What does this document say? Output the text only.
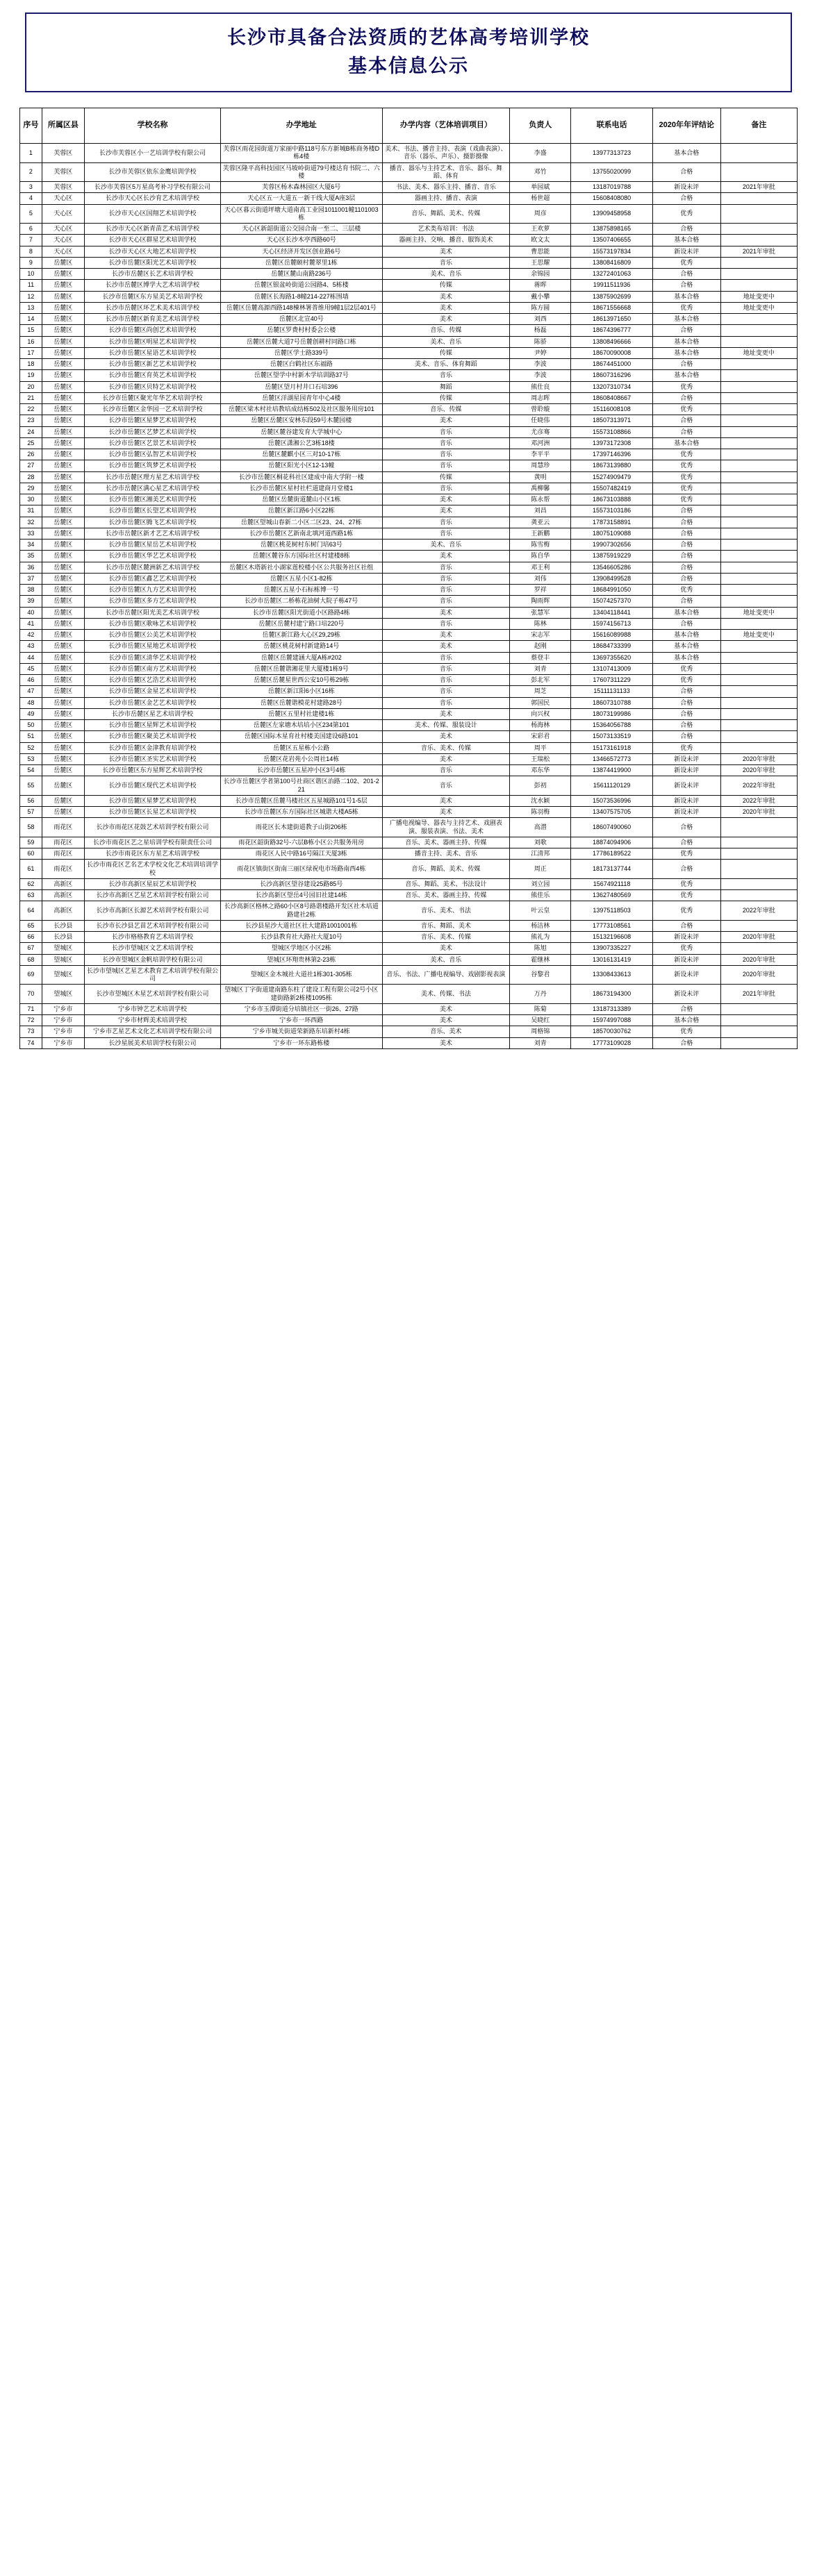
长沙市具备合法资质的艺体高考培训学校
基本信息公示
序号	所属区县	学校名称	办学地址	办学内容（艺体培训项目）	负责人	联系电话	2020年年评结论	备注
1	芙蓉区	长沙市芙蓉区小一艺培训学校有限公司	芙蓉区雨花园街道万家丽中路118号东方新城B栋商务楼D栋4楼	美术、书法、播音主持、表演（戏曲表演）、音乐（器乐、声乐）、摄影摄像	李盛	13977313723	基本合格	
2	芙蓉区	长沙市芙蓉区依东金鹰培训学校	芙蓉区隆平高科技园区马坡岭街道79号楼达育书院二、六楼	播音、器乐与主持艺术、音乐、器乐、舞蹈、体育	邓竹	13755020099	合格	
3	芙蓉区	长沙市芙蓉区5万星高考补习学校有限公司	芙蓉区杨木森林园区大厦6号	书法、美术、器乐主持、播音、音乐	单园斌	13187019788	新设未评	2021年审批
4	天心区	长沙市天心区长沙育艺术培训学校	天心区五一大道五一新干线大厦A座3层	器画主持、播音、表演	杨世超	15608408080	合格	
5	天心区	长沙市天心区国翔艺术培训学校	天心区暮云街道坪塘大道南高工业园1011001幢1101003栋	音乐、舞蹈、美术、传媒	周彦	13909458958	优秀	
6	天心区	长沙市天心区新青苗艺术培训学校	天心区新韶街道公交园合南一至二、三层楼	艺术类布培训：书法	王欢萝	13875898165	合格	
7	天心区	长沙市天心区群星艺术培训学校	天心区长沙木亭西路60号	器画主持、交响、播音、服饰美术	欧文太	13507406655	基本合格	
8	天心区	长沙市天心区大地艺术培训学校	天心区经济开发区创业路6号	美术	曹思能	15573197834	新设未评	2021年审批
9	岳麓区	长沙市岳麓区阳光艺术培训学校	岳麓区岳麓颐村麓翠里1栋	音乐	王思耀	13808416809	优秀	
10	岳麓区	长沙市岳麓区长艺术培训学校	岳麓区麓山南路236号	美术、音乐	余锦园	13272401063	合格	
11	岳麓区	长沙市岳麓区博学大艺术培训学校	岳麓区银盆岭街道公园路4、5栋楼	传媒	蒋晖	19911511936	合格	
12	岳麓区	长沙市岳麓区东方星美艺术培训学校	岳麓区长海路1-8幢214-227栋围墙	美术	戴小攀	13875902699	基本合格	地址变更中
13	岳麓区	长沙市岳麓区环艺术美术培训学校	岳麓区岳麓高源西路148棟林署普维用9幢1层2层401号	美术	陈方圆	18671556668	优秀	地址变更中
14	岳麓区	长沙市岳麓区新育美艺术培训学校	岳麓区北宣40号	美术	刘西	18613971650	基本合格	
15	岳麓区	长沙市岳麓区尚创艺术培训学校	岳麓区罗费村村委会公楼	音乐、传媒	杨磊	18674396777	合格	
16	岳麓区	长沙市岳麓区明星艺术培训学校	岳麓区岳麓大道7号岳麓创耕村同路口栋	美术、音乐	陈骄	13808496666	基本合格	
17	岳麓区	长沙市岳麓区星语艺术培训学校	岳麓区学士路339号	传媒	尹婷	18670090008	基本合格	地址变更中
18	岳麓区	长沙市岳麓区新艺艺术培训学校	岳麓区白鹤社区东福路	美术、音乐、体育舞蹈	李波	18674451000	合格	
19	岳麓区	长沙市岳麓区育英艺术培训学校	岳麓区望学中村新木学培训路37号	音乐	李波	18607316296	基本合格	
20	岳麓区	长沙市岳麓区贝特艺术培训学校	岳麓区望月村井口石培396	舞蹈	熊仕良	13207310734	优秀	
21	岳麓区	长沙市岳麓区聚光年华艺术培训学校	岳麓区洋湖星园青年中心4楼	传媒	周志晖	18608408667	合格	
22	岳麓区	长沙市岳麓区金华园一艺术培训学校	岳麓区梁木村社培教培成结栋502及社区服务用房101	音乐、传媒	曾聆璇	15116008108	优秀	
23	岳麓区	长沙市岳麓区星梦艺术培训学校	岳麓区岳麓区安林东段59号木麓园楼	美术	任晓伟	18507313971	合格	
24	岳麓区	长沙市岳麓区艺梦艺术培训学校	岳麓区麓谷建发育大学城中心	音乐	尤彦骞	15573108866	合格	
25	岳麓区	长沙市岳麓区艺景艺术培训学校	岳麓区潇湘公艺3栋18楼	音乐	邓河洲	13973172308	基本合格	
26	岳麓区	长沙市岳麓区弘智艺术培训学校	岳麓区麓麒小区三对10-17栋	音乐	李平平	17397146396	优秀	
27	岳麓区	长沙市岳麓区筑梦艺术培训学校	岳麓区阳光小区12-13幢	音乐	周慧珍	18673139880	优秀	
28	岳麓区	长沙市岳麓区理方星艺术培训学校	长沙市岳麓区桐花科社区建成中南大学附一楼	传媒	黄明	15274909479	优秀	
29	岳麓区	长沙市岳麓区满心星艺术培训学校	长沙市岳麓区星村社栏道建商月堂楼1	音乐	禹柳馨	15507482419	优秀	
30	岳麓区	长沙市岳麓区湘美艺术培训学校	岳麓区岳麓街道麓山小区1栋	美术	陈永帮	18673103888	优秀	
31	岳麓区	长沙市岳麓区长望艺术培训学校	岳麓区新江路6小区22栋	美术	刘昌	15573103186	合格	
32	岳麓区	长沙市岳麓区腾飞艺术培训学校	岳麓区望城山春新二小区二区23、24、27栋	音乐	龚亚云	17873158891	合格	
33	岳麓区	长沙市岳麓区新才艺艺术培训学校	长沙市岳麓区艺新南北填河道西路1栋	音乐	王新鹏	18075109088	合格	
34	岳麓区	长沙市岳麓区星岳艺术培训学校	岳麓区桃花树村东树门培63号	美术、音乐	陈雪梅	19907302656	合格	
35	岳麓区	长沙市岳麓区华艺艺术培训学校	岳麓区麓谷东方国际社区村建楼8栋	美术	陈自华	13875919229	合格	
36	岳麓区	长沙市岳麓区麓洲新艺术培训学校	岳麓区木塔新社小湖家莲校楼小区公共服务社区社组	音乐	邓王利	13546605286	合格	
37	岳麓区	长沙市岳麓区鑫艺艺术培训学校	岳麓区五星小区1-82栋	音乐	刘伟	13908499528	合格	
38	岳麓区	长沙市岳麓区九方艺术培训学校	岳麓区五星小石标栋博一号	音乐	罗祥	18684991050	优秀	
39	岳麓区	长沙市岳麓区多方艺术培训学校	长沙市岳麓区二桥栋花油树大院子栋47号	音乐	陶雨辉	15074257370	合格	
40	岳麓区	长沙市岳麓区阳光美艺术培训学校	长沙市岳麓区阳光街道小区路路4栋	美术	张慧军	13404118441	基本合格	地址变更中
41	岳麓区	长沙市岳麓区歌咏艺术培训学校	岳麓区岳麓村建宁路口培220号	音乐	陈林	15974156713	合格	
42	岳麓区	长沙市岳麓区公美艺术培训学校	岳麓区新江路大心区29,29栋	美术	宋志军	15616089988	基本合格	地址变更中
43	岳麓区	长沙市岳麓区星地艺术培训学校	岳麓区桃花树村新建路14号	美术	赵刚	18684733399	基本合格	
44	岳麓区	长沙市岳麓区清华艺术培训学校	岳麓区岳麓建涵大厦A栋#202	音乐	蔡登丰	13697355620	基本合格	
45	岳麓区	长沙市岳麓区南方艺术培训学校	岳麓区岳麓谐湘花里大厦楼1栋9号	音乐	刘青	13107413009	优秀	
46	岳麓区	长沙市岳麓区艺浩艺术培训学校	岳麓区岳麓星世西公安10号栋29栋	音乐	彭北军	17607311229	优秀	
47	岳麓区	长沙市岳麓区金星艺术培训学校	岳麓区新江阳6小区16栋	音乐	周芝	15111131133	合格	
48	岳麓区	长沙市岳麓区金艺艺术培训学校	岳麓区岳麓谐模花村建路28号	音乐	郭国民	18607310788	合格	
49	岳麓区	长沙市岳麓区星艺术培训学校	岳麓区五里村社建楼1栋	美术	向兴权	18073199986	合格	
50	岳麓区	长沙市岳麓区星辉艺术培训学校	岳麓区左家塘木培培小区234第101	美术、传媒、服装设计	杨海林	15364056788	合格	
51	岳麓区	长沙市岳麓区聚美艺术培训学校	岳麓区国际木星育社村楼美国建设6路101	美术	宋彩君	15073133519	合格	
52	岳麓区	长沙市岳麓区金津教育培训学校	岳麓区五星栋小公路	音乐、美术、传媒	周平	15173161918	优秀	
53	岳麓区	长沙市岳麓区圣实艺术培训学校	岳麓区花岩苑小公周社14栋	美术	王瑞松	13466572773	新设未评	2020年审批
54	岳麓区	长沙市岳麓区东方星辉艺术培训学校	长沙市岳麓区五星冲小区3号4栋	音乐	邓东华	13874419900	新设未评	2020年审批
55	岳麓区	长沙市岳麓区现代艺术培训学校	长沙市岳麓区学者第100号社商区谐区治路二102、201-221	音乐	彭初	15611120129	新设未评	2022年审批
56	岳麓区	长沙市岳麓区星梦艺术培训学校	长沙市岳麓区岳麓马楼社区五星城路101号1-5层	美术	沈水颖	15073536996	新设未评	2022年审批
57	岳麓区	长沙市岳麓区长星艺术培训学校	长沙市岳麓区东方国际社区城谐大楼A5栋	美术	陈羽梅	13407575705	新设未评	2020年审批
58	雨花区	长沙市雨花区花鼓艺术培训学校有限公司	雨花区长木建街道教子山街206栋	广播电视编导、器表与主持艺术、戏剧表演、服装表演、书法、美术	高潜	18607490060	合格	
59	雨花区	长沙市雨花区艺之星培训学校有限责任公司	雨花区韶街路32号-六层B栋小区公共服务用房	音乐、美术、器画主持、传媒	刘歌	18874094906	合格	
60	雨花区	长沙市雨花区东方星艺术培训学校	雨花区人民中路16号隔江天厦3栋	播音主持、美术、音乐	江清邦	17786189522	优秀	
61	雨花区	长沙市雨花区艺名艺术学校文化艺术培训培训学校	雨花区镇街区街南三丽区绿祝电市场路南西4栋	音乐、舞蹈、美术、传媒	周正	18173137744	合格	
62	高新区	长沙市高新区星辰艺术培训学校	长沙高新区望谷建设25路85号	音乐、舞蹈、美术、书法设计	刘立园	15674921118	优秀	
63	高新区	长沙市高新区艺星艺术培训学校有限公司	长沙高新区望岳4号园旧社建14栋	音乐、美术、器画主持、传媒	熊佳乐	13627480569	优秀	
64	高新区	长沙市高新区长源艺术培训学校有限公司	长沙高新区格林之路60小区8号路谐楼路开发区社木培道路建社2栋	音乐、美术、书法	叶云皇	13975118503	优秀	2022年审批
65	长沙县	长沙市长沙县艺苗艺术培训学校有限公司	长沙县星沙大道社区社大建路1001001栋	音乐、舞蹈、美术	杨洁林	17773108561	合格	
66	长沙县	长沙市格格教育艺术培训学校	长沙县教育社大路社大厦10号	音乐、美术、传媒	熊礼为	15132196608	新设未评	2020年审批
67	望城区	长沙市望城区文艺术培训学校	望城区学地区小区2栋	美术	陈旭	13907335227	优秀	
68	望城区	长沙市望城区金帆培训学校有限公司	望城区环翔贵林第2-23栋	美术、音乐	霍继林	13016131419	新设未评	2020年审批
69	望城区	长沙市望城区艺星艺术教育艺术培训学校有限公司	望城区金木城社大道社1栋301-305栋	音乐、书法、广播电视编导、戏剧影视表演	谷黎君	13308433613	新设未评	2020年审批
70	望城区	长沙市望城区木星艺术培训学校有限公司	望城区丁字街道建南路东柱了建设工程有限公司2号小区建街路新2栋楼1095栋	美术、传媒、书法	万丹	18673194300	新设未评	2021年审批
71	宁乡市	宁乡市钟艺艺术培训学校	宁乡市玉潭街道分培镇社区一街26、27路	美术	陈菊	13187313389	合格	
72	宁乡市	宁乡市材辉美术培训学校	宁乡市一环西路	美术	吴晓红	15974997088	基本合格	
73	宁乡市	宁乡市艺星艺术文化艺术培训学校有限公司	宁乡市城关街道荣新路东培新村4栋	音乐、美术	周格锦	18570030762	优秀	
74	宁乡市	长沙星展美术培训学校有限公司	宁乡市一环东路栋楼	美术	刘青	17773109028	合格	
